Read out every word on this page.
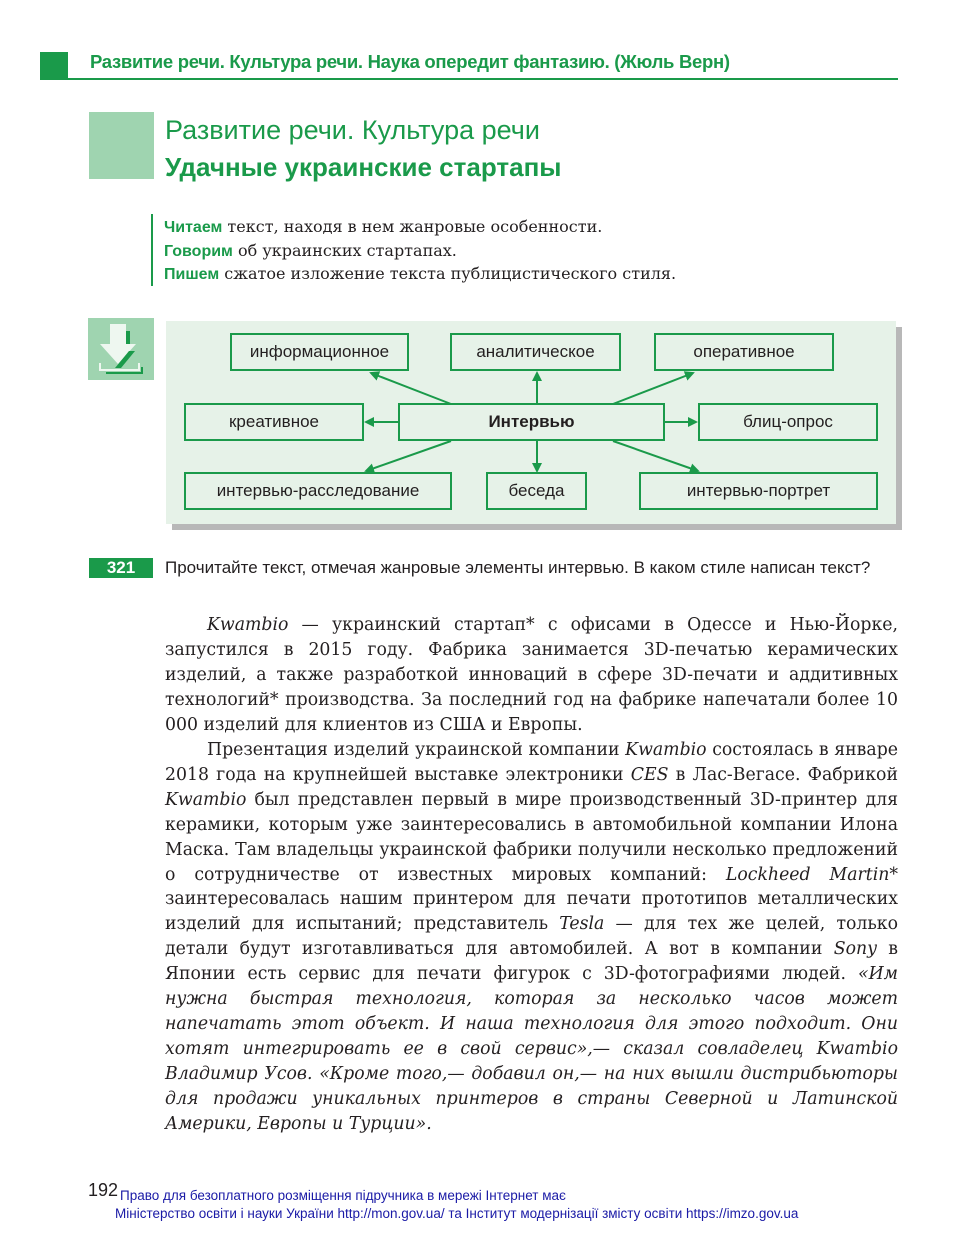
Развитие речи. Культура речи. Наука опередит фантазию. (Жюль Верн)
Развитие речи. Культура речи
Удачные украинские стартапы
Читаем текст, находя в нем жанровые особенности.
Говорим об украинских стартапах.
Пишем сжатое изложение текста публицистического стиля.
информационное	аналитическое	оперативное
креативное	Интервью	блиц-опрос
интервью-расследование	беседа	интервью-портрет
321	Прочитайте текст, отмечая жанровые элементы интервью. В каком стиле написан текст?

Kwambio — украинский стартап* с офисами в Одессе и Нью-Йорке, запустился в 2015 году. Фабрика занимается 3D-печатью керамических изделий, а также разработкой инноваций в сфере 3D-печати и аддитивных технологий* производства. За последний год на фабрике напечатали более 10 000 изделий для клиентов из США и Европы.

Презентация изделий украинской компании Kwambio состоялась в январе 2018 года на крупнейшей выставке электроники CES в Лас-Вегасе. Фабрикой Kwambio был представлен первый в мире производственный 3D-принтер для керамики, которым уже заинтересовались в автомобильной компании Илона Маска. Там владельцы украинской фабрики получили несколько предложений о сотрудничестве от известных мировых компаний: Lockheed Martin* заинтересовалась нашим принтером для печати прототипов металлических изделий для испытаний; представитель Tesla — для тех же целей, только детали будут изготавливаться для автомобилей. А вот в компании Sony в Японии есть сервис для печати фигурок с 3D-фотографиями людей. «Им нужна быстрая технология, которая за несколько часов может напечатать этот объект. И наша технология для этого подходит. Они хотят интегрировать ее в свой сервис»,— сказал совладелец Kwambio Владимир Усов. «Кроме того,— добавил он,— на них вышли дистрибьюторы для продажи уникальных принтеров в страны Северной и Латинской Америки, Европы и Турции».

192 Право для безоплатного розміщення підручника в мережі Інтернет має
Міністерство освіти і науки України http://mon.gov.ua/ та Інститут модернізації змісту освіти https://imzo.gov.ua
